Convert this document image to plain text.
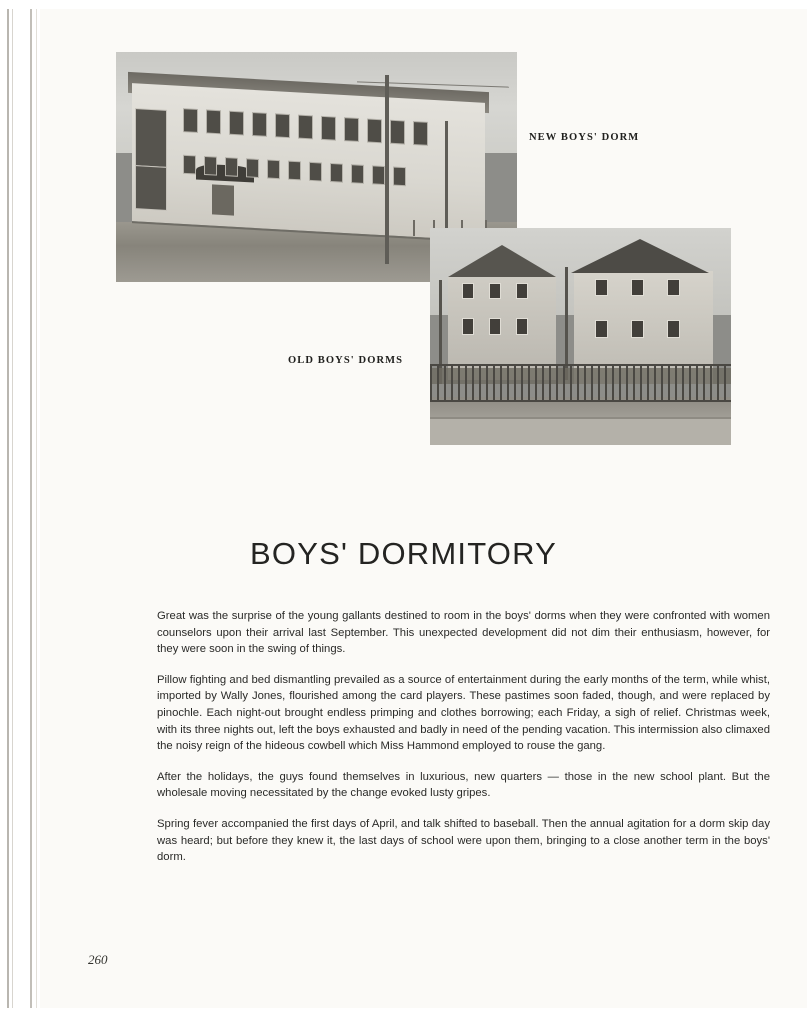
NEW BOYS' DORM
OLD BOYS' DORMS
BOYS' DORMITORY

Great was the surprise of the young gallants destined to room in the boys' dorms when they were confronted with women counselors upon their arrival last September. This unexpected development did not dim their enthusiasm, however, for they were soon in the swing of things.

Pillow fighting and bed dismantling prevailed as a source of entertainment during the early months of the term, while whist, imported by Wally Jones, flourished among the card players. These pastimes soon faded, though, and were replaced by pinochle. Each night-out brought endless primping and clothes borrowing; each Friday, a sigh of relief. Christmas week, with its three nights out, left the boys exhausted and badly in need of the pending vacation. This intermission also climaxed the noisy reign of the hideous cowbell which Miss Hammond employed to rouse the gang.

After the holidays, the guys found themselves in luxurious, new quarters — those in the new school plant. But the wholesale moving necessitated by the change evoked lusty gripes.

Spring fever accompanied the first days of April, and talk shifted to baseball. Then the annual agitation for a dorm skip day was heard; but before they knew it, the last days of school were upon them, bringing to a close another term in the boys' dorm.

260
